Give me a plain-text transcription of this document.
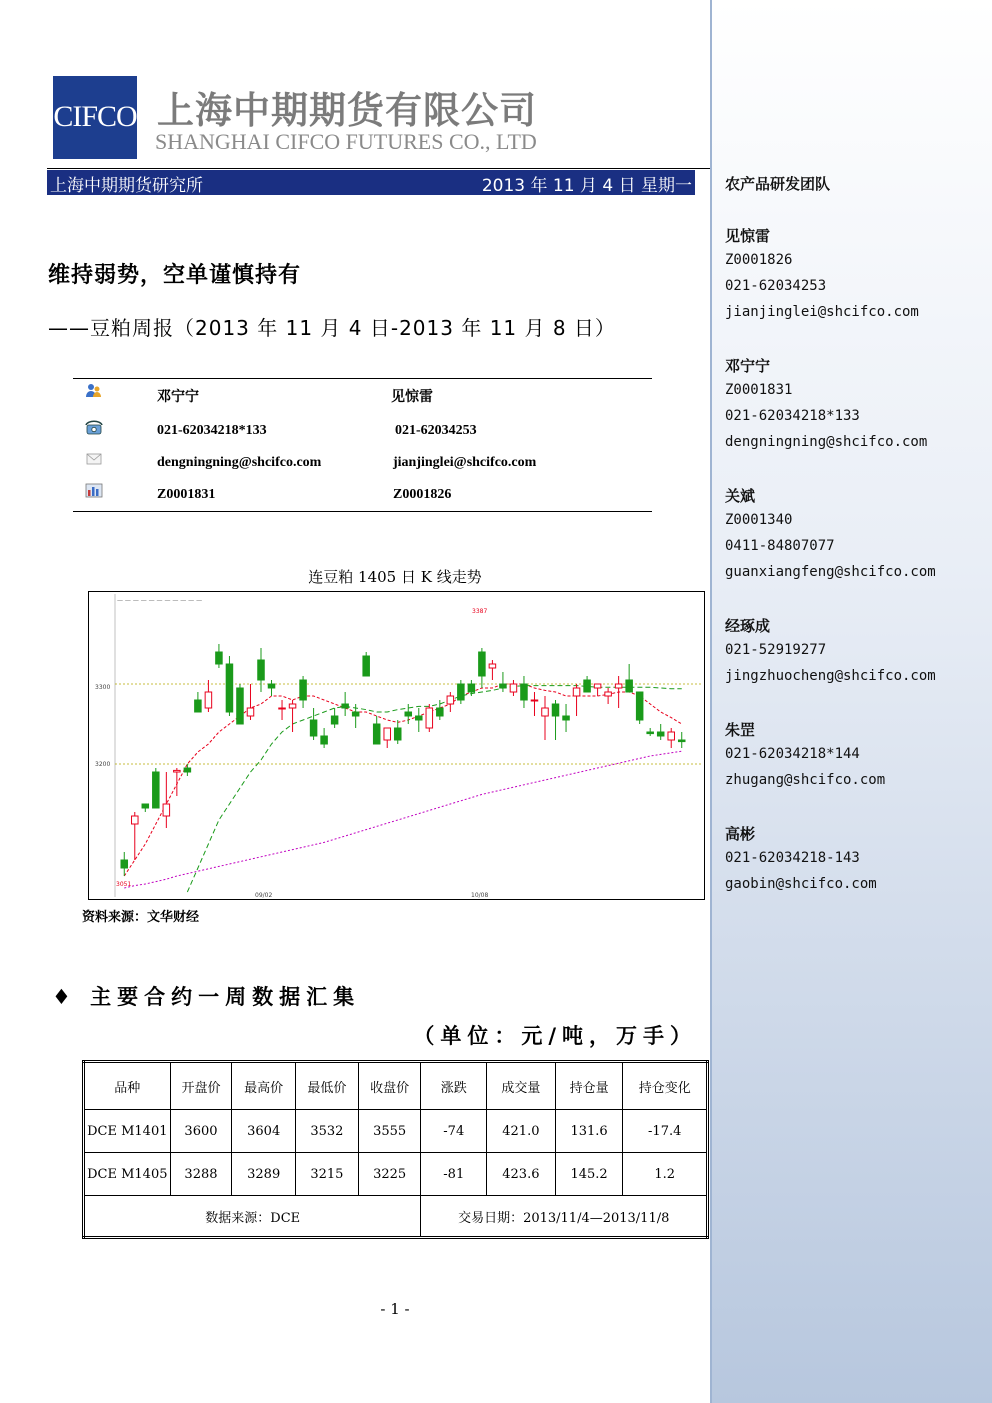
CIFCO 上海中期期货有限公司
SHANGHAI CIFCO FUTURES CO., LTD
上海中期期货研究所	2013 年 11 月 4 日 星期一
维持弱势，空单谨慎持有
——豆粕周报（2013 年 11 月 4 日-2013 年 11 月 8 日）
邓宁宁	见惊雷
021-62034218*133	021-62034253
dengningning@shcifco.com	jianjinglei@shcifco.com
Z0001831	Z0001826
连豆粕 1405 日 K 线走势
— — — — — — — — — — —
3387
3051
3300
3200
09/02	10/08
资料来源：文华财经
♦ 主要合约一周数据汇集
（单位：元/吨，万手）
品种	开盘价	最高价	最低价	收盘价	涨跌	成交量	持仓量	持仓变化
DCE M1401	3600	3604	3532	3555	-74	421.0	131.6	-17.4
DCE M1405	3288	3289	3215	3225	-81	423.6	145.2	1.2
数据来源：DCE					交易日期：2013/11/4—2013/11/8			
- 1 -
农产品研发团队
见惊雷
Z0001826
021-62034253
jianjinglei@shcifco.com
邓宁宁
Z0001831
021-62034218*133
dengningning@shcifco.com
关斌
Z0001340
0411-84807077
guanxiangfeng@shcifco.com
经琢成
021-52919277
jingzhuocheng@shcifco.com
朱罡
021-62034218*144
zhugang@shcifco.com
高彬
021-62034218-143
gaobin@shcifco.com
